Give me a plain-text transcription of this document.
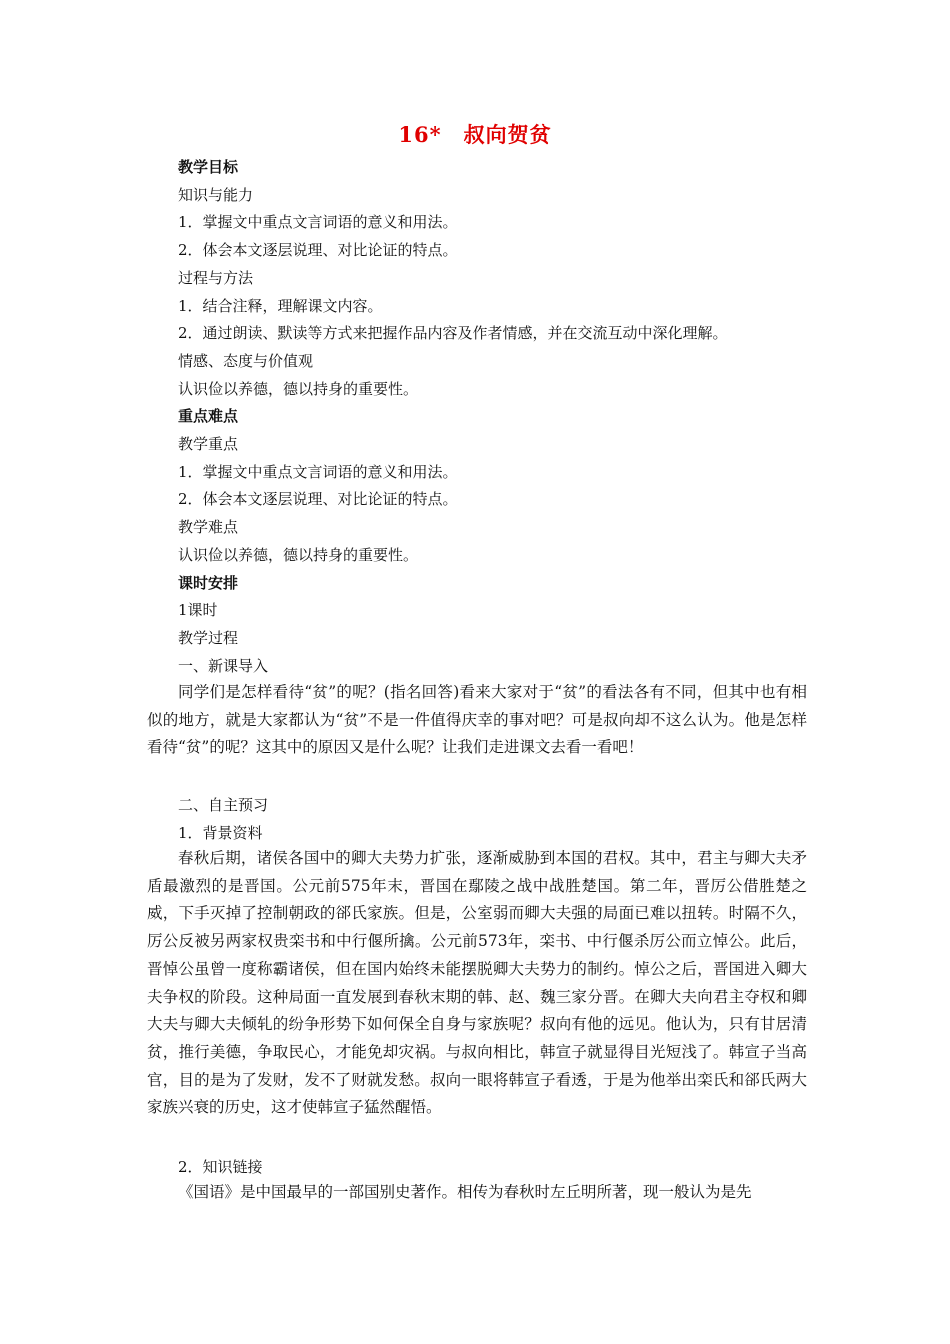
16*　叔向贺贫
教学目标
知识与能力
1．掌握文中重点文言词语的意义和用法。
2．体会本文逐层说理、对比论证的特点。
过程与方法
1．结合注释，理解课文内容。
2．通过朗读、默读等方式来把握作品内容及作者情感，并在交流互动中深化理解。
情感、态度与价值观
认识俭以养德，德以持身的重要性。
重点难点
教学重点
1．掌握文中重点文言词语的意义和用法。
2．体会本文逐层说理、对比论证的特点。
教学难点
认识俭以养德，德以持身的重要性。
课时安排
1课时
教学过程
一、新课导入

同学们是怎样看待“贫”的呢？(指名回答)看来大家对于“贫”的看法各有不同，但其中也有相似的地方，就是大家都认为“贫”不是一件值得庆幸的事对吧？可是叔向却不这么认为。他是怎样看待“贫”的呢？这其中的原因又是什么呢？让我们走进课文去看一看吧！

二、自主预习
1．背景资料

春秋后期，诸侯各国中的卿大夫势力扩张，逐渐威胁到本国的君权。其中，君主与卿大夫矛盾最激烈的是晋国。公元前575年末，晋国在鄢陵之战中战胜楚国。第二年，晋厉公借胜楚之威，下手灭掉了控制朝政的郤氏家族。但是，公室弱而卿大夫强的局面已难以扭转。时隔不久，厉公反被另两家权贵栾书和中行偃所擒。公元前573年，栾书、中行偃杀厉公而立悼公。此后，晋悼公虽曾一度称霸诸侯，但在国内始终未能摆脱卿大夫势力的制约。悼公之后，晋国进入卿大夫争权的阶段。这种局面一直发展到春秋末期的韩、赵、魏三家分晋。在卿大夫向君主夺权和卿大夫与卿大夫倾轧的纷争形势下如何保全自身与家族呢？叔向有他的远见。他认为，只有甘居清贫，推行美德，争取民心，才能免却灾祸。与叔向相比，韩宣子就显得目光短浅了。韩宣子当高官，目的是为了发财，发不了财就发愁。叔向一眼将韩宣子看透，于是为他举出栾氏和郤氏两大家族兴衰的历史，这才使韩宣子猛然醒悟。

2．知识链接

《国语》是中国最早的一部国别史著作。相传为春秋时左丘明所著，现一般认为是先
